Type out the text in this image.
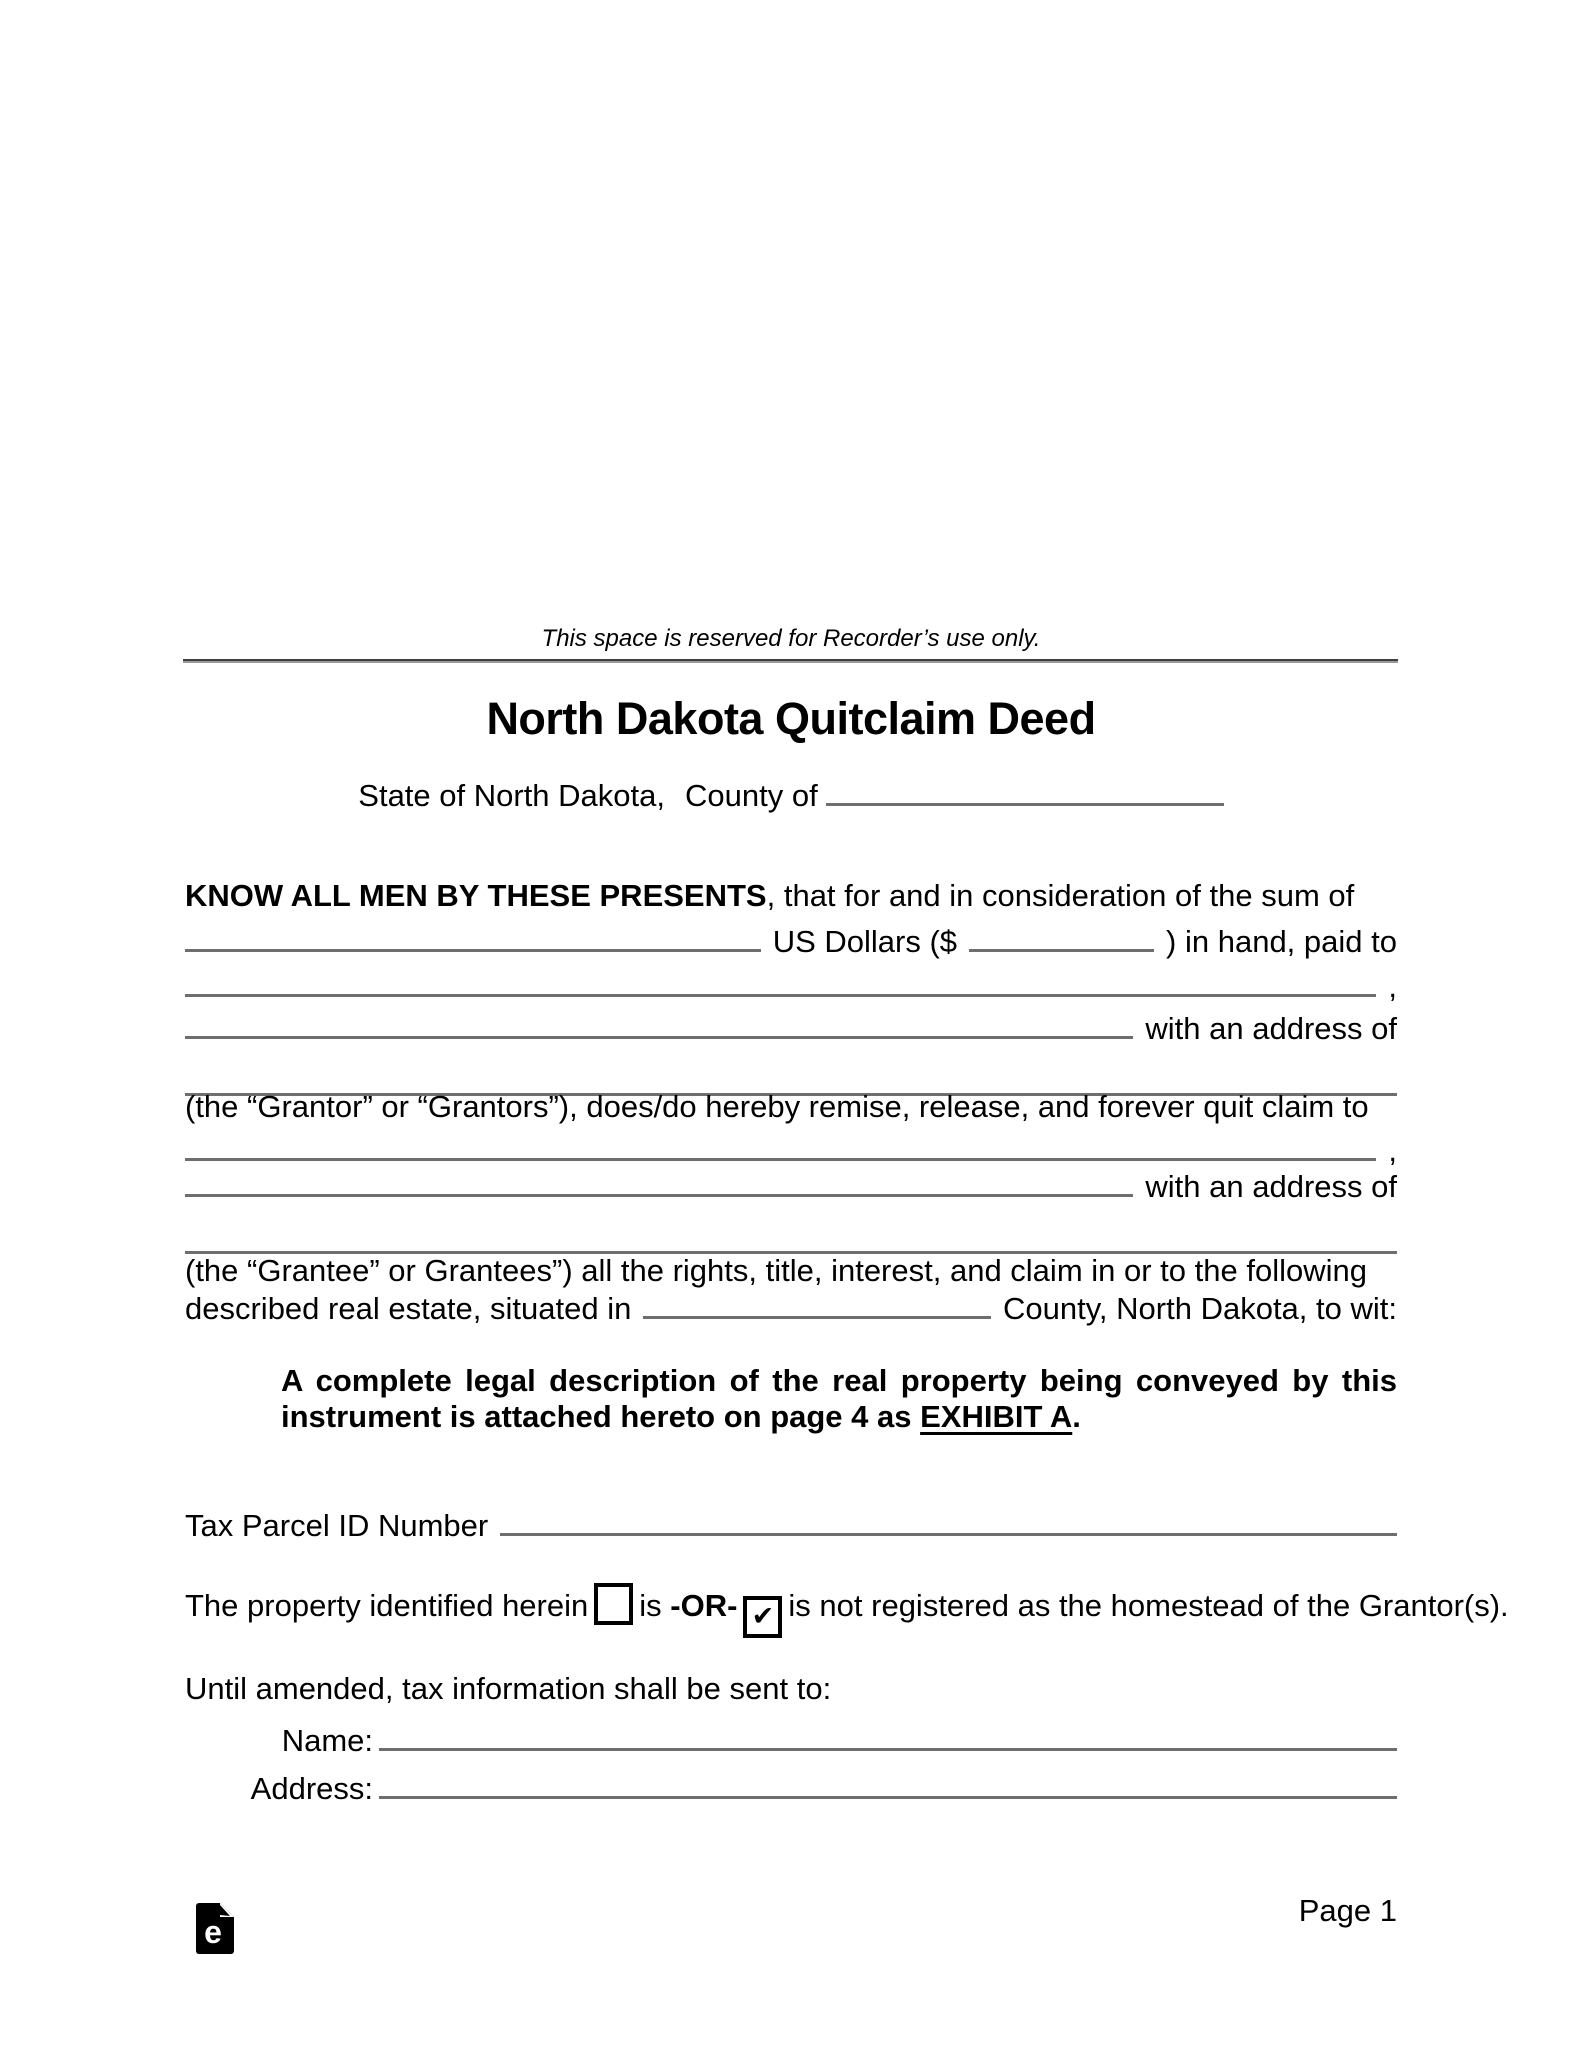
This space is reserved for Recorder’s use only.
North Dakota Quitclaim Deed
State of North Dakota, County of
KNOW ALL MEN BY THESE PRESENTS, that for and in consideration of the sum of
US Dollars ($	) in hand, paid to
,
with an address of
(the “Grantor” or “Grantors”), does/do hereby remise, release, and forever quit claim to
,
with an address of
(the “Grantee” or Grantees”) all the rights, title, interest, and claim in or to the following
described real estate, situated in	County, North Dakota, to wit:
A complete legal description of the real property being conveyed by this
instrument is attached hereto on page 4 as EXHIBIT A.
Tax Parcel ID Number
The property identified herein is -OR- ✔ is not registered as the homestead of the Grantor(s).
Until amended, tax information shall be sent to:
Name:
Address:
e
Page 1
